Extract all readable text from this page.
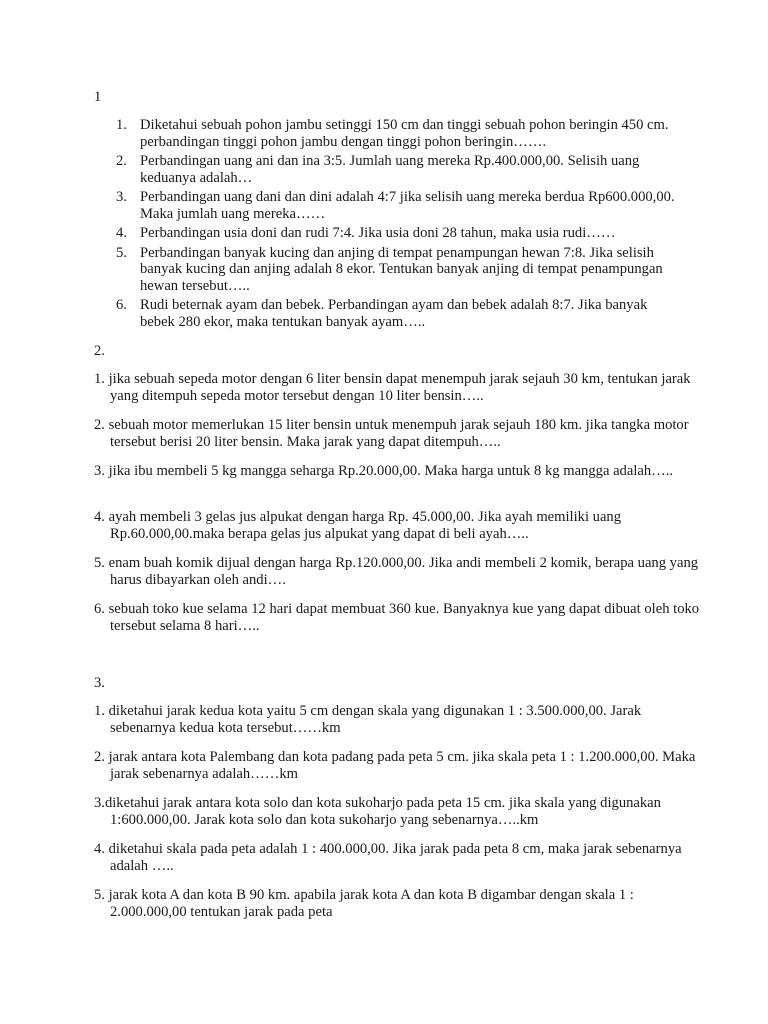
1

1. Diketahui sebuah pohon jambu setinggi 150 cm dan tinggi sebuah pohon beringin 450 cm. perbandingan tinggi pohon jambu dengan tinggi pohon beringin…….
2. Perbandingan uang ani dan ina 3:5. Jumlah uang mereka Rp.400.000,00. Selisih uang keduanya adalah…
3. Perbandingan uang dani dan dini adalah 4:7 jika selisih uang mereka berdua Rp600.000,00. Maka jumlah uang mereka……
4. Perbandingan usia doni dan rudi 7:4. Jika usia doni 28 tahun, maka usia rudi……
5. Perbandingan banyak kucing dan anjing di tempat penampungan hewan 7:8. Jika selisih banyak kucing dan anjing adalah 8 ekor. Tentukan banyak anjing di tempat penampungan hewan tersebut…..
6. Rudi beternak ayam dan bebek. Perbandingan ayam dan bebek adalah 8:7. Jika banyak bebek 280 ekor, maka tentukan banyak ayam…..

2.

1. jika sebuah sepeda motor dengan 6 liter bensin dapat menempuh jarak sejauh 30 km, tentukan jarak yang ditempuh sepeda motor tersebut dengan 10 liter bensin…..
2. sebuah motor memerlukan 15 liter bensin untuk menempuh jarak sejauh 180 km. jika tangka motor tersebut berisi 20 liter bensin. Maka jarak yang dapat ditempuh…..
3. jika ibu membeli 5 kg mangga seharga Rp.20.000,00. Maka harga untuk 8 kg mangga adalah…..
4. ayah membeli 3 gelas jus alpukat dengan harga Rp. 45.000,00. Jika ayah memiliki uang Rp.60.000,00.maka berapa gelas jus alpukat yang dapat di beli ayah…..
5. enam buah komik dijual dengan harga Rp.120.000,00. Jika andi membeli 2 komik, berapa uang yang harus dibayarkan oleh andi….
6. sebuah toko kue selama 12 hari dapat membuat 360 kue. Banyaknya kue yang dapat dibuat oleh toko tersebut selama 8 hari…..

3.

1. diketahui jarak kedua kota yaitu 5 cm dengan skala yang digunakan 1 : 3.500.000,00. Jarak sebenarnya kedua kota tersebut……km
2. jarak antara kota Palembang dan kota padang pada peta 5 cm. jika skala peta 1 : 1.200.000,00. Maka jarak sebenarnya adalah……km
3.diketahui jarak antara kota solo dan kota sukoharjo pada peta 15 cm. jika skala yang digunakan 1:600.000,00. Jarak kota solo dan kota sukoharjo yang sebenarnya…..km
4. diketahui skala pada peta adalah 1 : 400.000,00. Jika jarak pada peta 8 cm, maka jarak sebenarnya adalah …..
5. jarak kota A dan kota B 90 km. apabila jarak kota A dan kota B digambar dengan skala 1 : 2.000.000,00 tentukan jarak pada peta
